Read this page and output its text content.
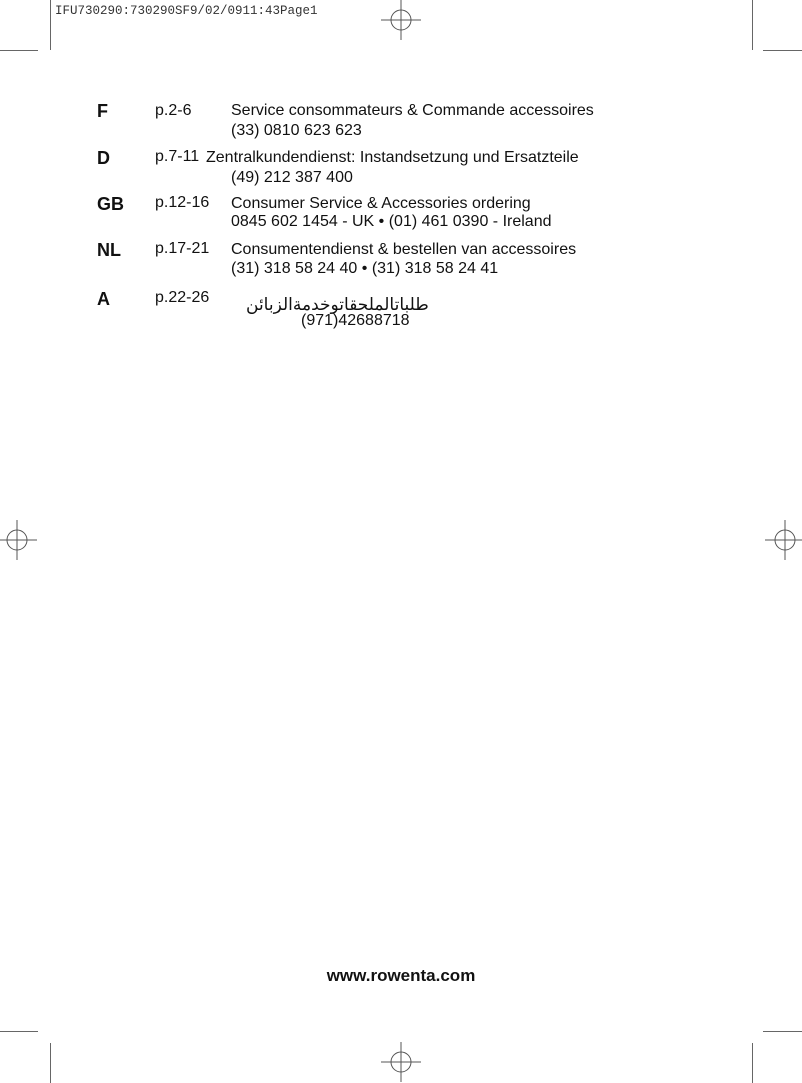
IFU730290:730290SF9/02/0911:43Page1
F	p.2-6 Service consommateurs & Commande accessoires
(33) 0810 623 623
D	p.7-11 Zentralkundendienst: Instandsetzung und Ersatzteile
(49) 212 387 400
GB p.12-16 Consumer Service & Accessories ordering
0845 602 1454 - UK • (01) 461 0390 - Ireland
NL p.17-21 Consumentendienst & bestellen van accessoires
(31) 318 58 24 40 • (31) 318 58 24 41
A	p.22-26 طلباتالملحقاتوخدمةالزبائن
(971)42688718
www.rowenta.com
